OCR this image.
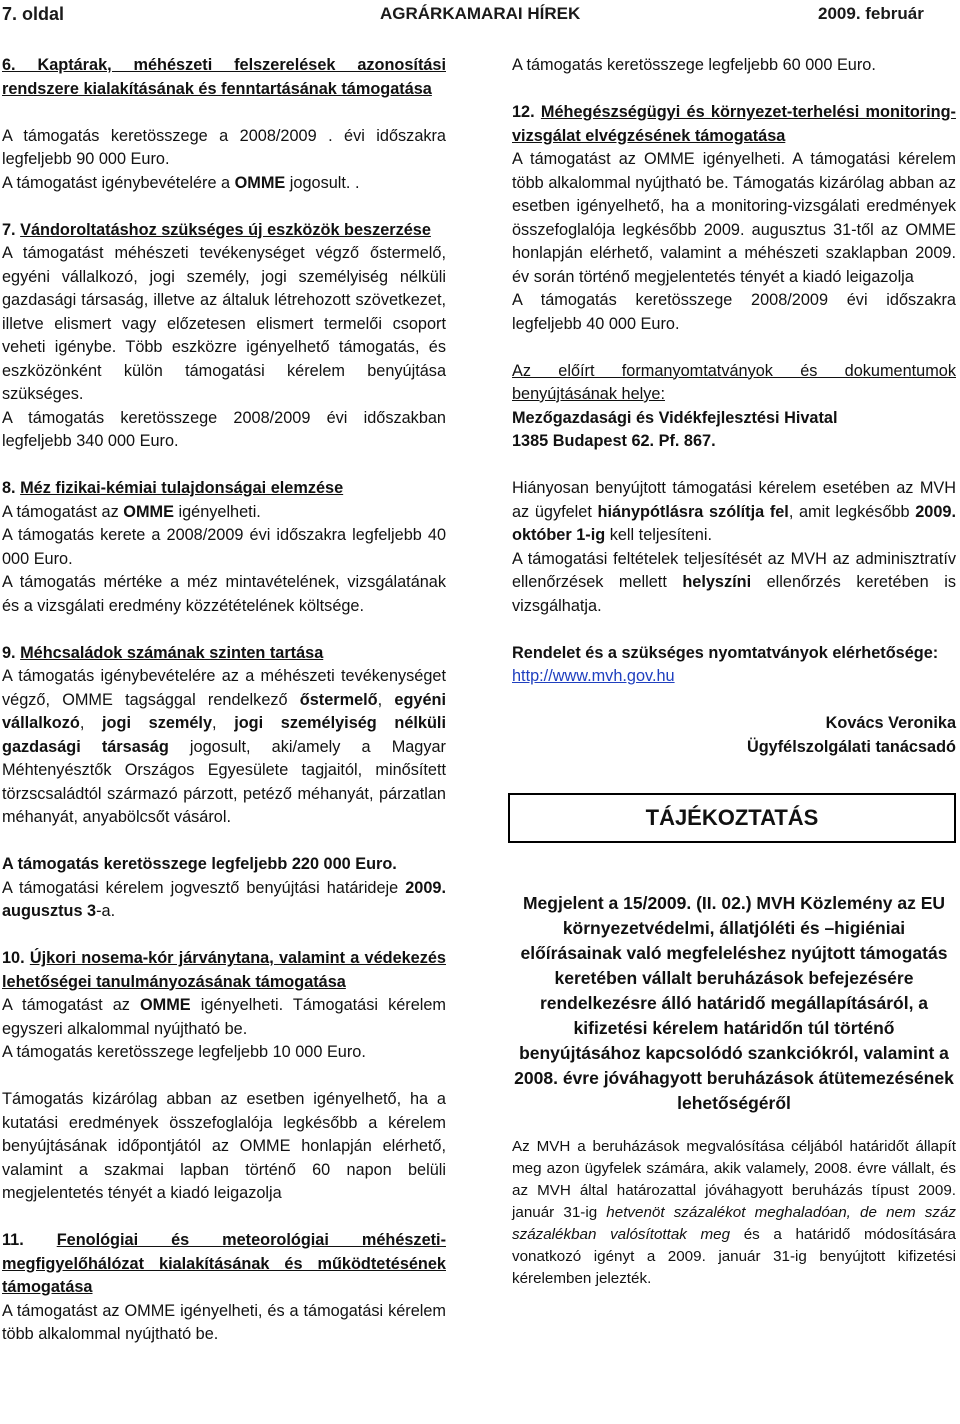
7. oldal	AGRÁRKAMARAI HÍREK	2009. február

6. Kaptárak, méhészeti felszerelések azonosítási rendszere kialakításának és fenntartásának támogatása

A támogatás keretösszege a 2008/2009 . évi időszakra legfeljebb 90 000 Euro.

A támogatást igénybevételére a OMME jogosult. .

7. Vándoroltatáshoz szükséges új eszközök beszerzése

A támogatást méhészeti tevékenységet végző őstermelő, egyéni vállalkozó, jogi személy, jogi személyiség nélküli gazdasági társaság, illetve az általuk létrehozott szövetkezet, illetve elismert vagy előzetesen elismert termelői csoport veheti igénybe. Több eszközre igényelhető támogatás, és eszközönként külön támogatási kérelem benyújtása szükséges.

A támogatás keretösszege 2008/2009 évi időszakban legfeljebb 340 000 Euro.

8. Méz fizikai-kémiai tulajdonságai elemzése

A támogatást az OMME igényelheti.

A támogatás kerete a 2008/2009 évi időszakra legfeljebb 40 000 Euro.

A támogatás mértéke a méz mintavételének, vizsgálatának és a vizsgálati eredmény közzétételének költsége.

9. Méhcsaládok számának szinten tartása

A támogatás igénybevételére az a méhészeti tevékenységet végző, OMME tagsággal rendelkező őstermelő, egyéni vállalkozó, jogi személy, jogi személyiség nélküli gazdasági társaság jogosult, aki/amely a Magyar Méhtenyésztők Országos Egyesülete tagjaitól, minősített törzscsaládtól származó párzott, petéző méhanyát, párzatlan méhanyát, anyabölcsőt vásárol.

A támogatás keretösszege legfeljebb 220 000 Euro.

A támogatási kérelem jogvesztő benyújtási határideje 2009. augusztus 3-a.

10. Újkori nosema-kór járványtana, valamint a védekezés lehetőségei tanulmányozásának támogatása

A támogatást az OMME igényelheti. Támogatási kérelem egyszeri alkalommal nyújtható be.

A támogatás keretösszege legfeljebb 10 000 Euro.

Támogatás kizárólag abban az esetben igényelhető, ha a kutatási eredmények összefoglalója legkésőbb a kérelem benyújtásának időpontjától az OMME honlapján elérhető, valamint a szakmai lapban történő 60 napon belüli megjelentetés tényét a kiadó leigazolja

11. Fenológiai és meteorológiai méhészeti-megfigyelőhálózat kialakításának és működtetésének támogatása

A támogatást az OMME igényelheti, és a támogatási kérelem több alkalommal nyújtható be.

A támogatás keretösszege legfeljebb 60 000 Euro.

12. Méhegészségügyi és környezet-terhelési monitoring-vizsgálat elvégzésének támogatása

A támogatást az OMME igényelheti. A támogatási kérelem több alkalommal nyújtható be. Támogatás kizárólag abban az esetben igényelhető, ha a monitoring-vizsgálati eredmények összefoglalója legkésőbb 2009. augusztus 31-től az OMME honlapján elérhető, valamint a méhészeti szaklapban 2009. év során történő megjelentetés tényét a kiadó leigazolja

A támogatás keretösszege 2008/2009 évi időszakra legfeljebb 40 000 Euro.

Az előírt formanyomtatványok és dokumentumok benyújtásának helye:

Mezőgazdasági és Vidékfejlesztési Hivatal

1385 Budapest 62. Pf. 867.

Hiányosan benyújtott támogatási kérelem esetében az MVH az ügyfelet hiánypótlásra szólítja fel, amit legkésőbb 2009. október 1-ig kell teljesíteni.

A támogatási feltételek teljesítését az MVH az adminisztratív ellenőrzések mellett helyszíni ellenőrzés keretében is vizsgálhatja.

Rendelet és a szükséges nyomtatványok elérhetősége:

http://www.mvh.gov.hu

Kovács Veronika

Ügyfélszolgálati tanácsadó

TÁJÉKOZTATÁS

Megjelent a 15/2009. (II. 02.) MVH Közlemény az EU környezetvédelmi, állatjóléti és –higiéniai előírásainak való megfeleléshez nyújtott támogatás keretében vállalt beruházások befejezésére rendelkezésre álló határidő megállapításáról, a kifizetési kérelem határidőn túl történő benyújtásához kapcsolódó szankciókról, valamint a 2008. évre jóváhagyott beruházások átütemezésének lehetőségéről

Az MVH a beruházások megvalósítása céljából határidőt állapít meg azon ügyfelek számára, akik valamely, 2008. évre vállalt, és az MVH által határozattal jóváhagyott beruházás típust 2009. január 31-ig hetvenöt százalékot meghaladóan, de nem száz százalékban valósítottak meg és a határidő módosítására vonatkozó igényt a 2009. január 31-ig benyújtott kifizetési kérelemben jelezték.
